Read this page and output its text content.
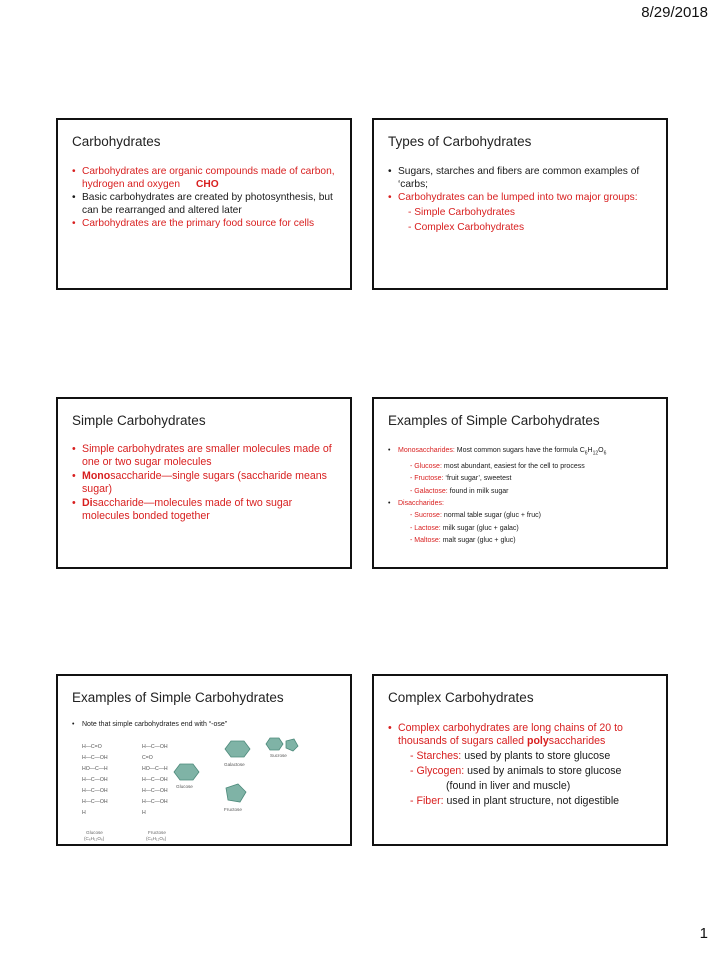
8/29/2018
Carbohydrates
• Carbohydrates are organic compounds made of carbon, hydrogen and oxygen CHO
• Basic carbohydrates are created by photosynthesis, but can be rearranged and altered later
• Carbohydrates are the primary food source for cells
Types of Carbohydrates
• Sugars, starches and fibers are common examples of ‘carbs;
• Carbohydrates can be lumped into two major groups:
- Simple Carbohydrates
- Complex Carbohydrates
Simple Carbohydrates
• Simple carbohydrates are smaller molecules made of one or two sugar molecules
• Monosaccharide—single sugars (saccharide means sugar)
• Disaccharide—molecules made of two sugar molecules bonded together
Examples of Simple Carbohydrates
• Monosaccharides: Most common sugars have the formula $C_6H_{12}O_6$
- Glucose: most abundant, easiest for the cell to process
- Fructose: ‘fruit sugar’, sweetest
- Galactose: found in milk sugar
• Disaccharides:
- Sucrose: normal table sugar (gluc + fruc)
- Lactose: milk sugar (gluc + galac)
- Maltose: malt sugar (gluc + gluc)
Examples of Simple Carbohydrates
• Note that simple carbohydrates end with “-ose”
H—C=O
H—C—OH
HO—C—H
H—C—OH
H—C—OH
H—C—OH
H
H—C—OH
C=O
HO—C—H
H—C—OH
H—C—OH
H—C—OH
H
Glucose
(C₆H₁₂O₆)
Fructose
(C₆H₁₂O₆)
Galactose
Sucrose
Glucose
Fructose
Complex Carbohydrates
• Complex carbohydrates are long chains of 20 to thousands of sugars called polysaccharides
- Starches: used by plants to store glucose
- Glycogen: used by animals to store glucose
(found in liver and muscle)
- Fiber: used in plant structure, not digestible
1
